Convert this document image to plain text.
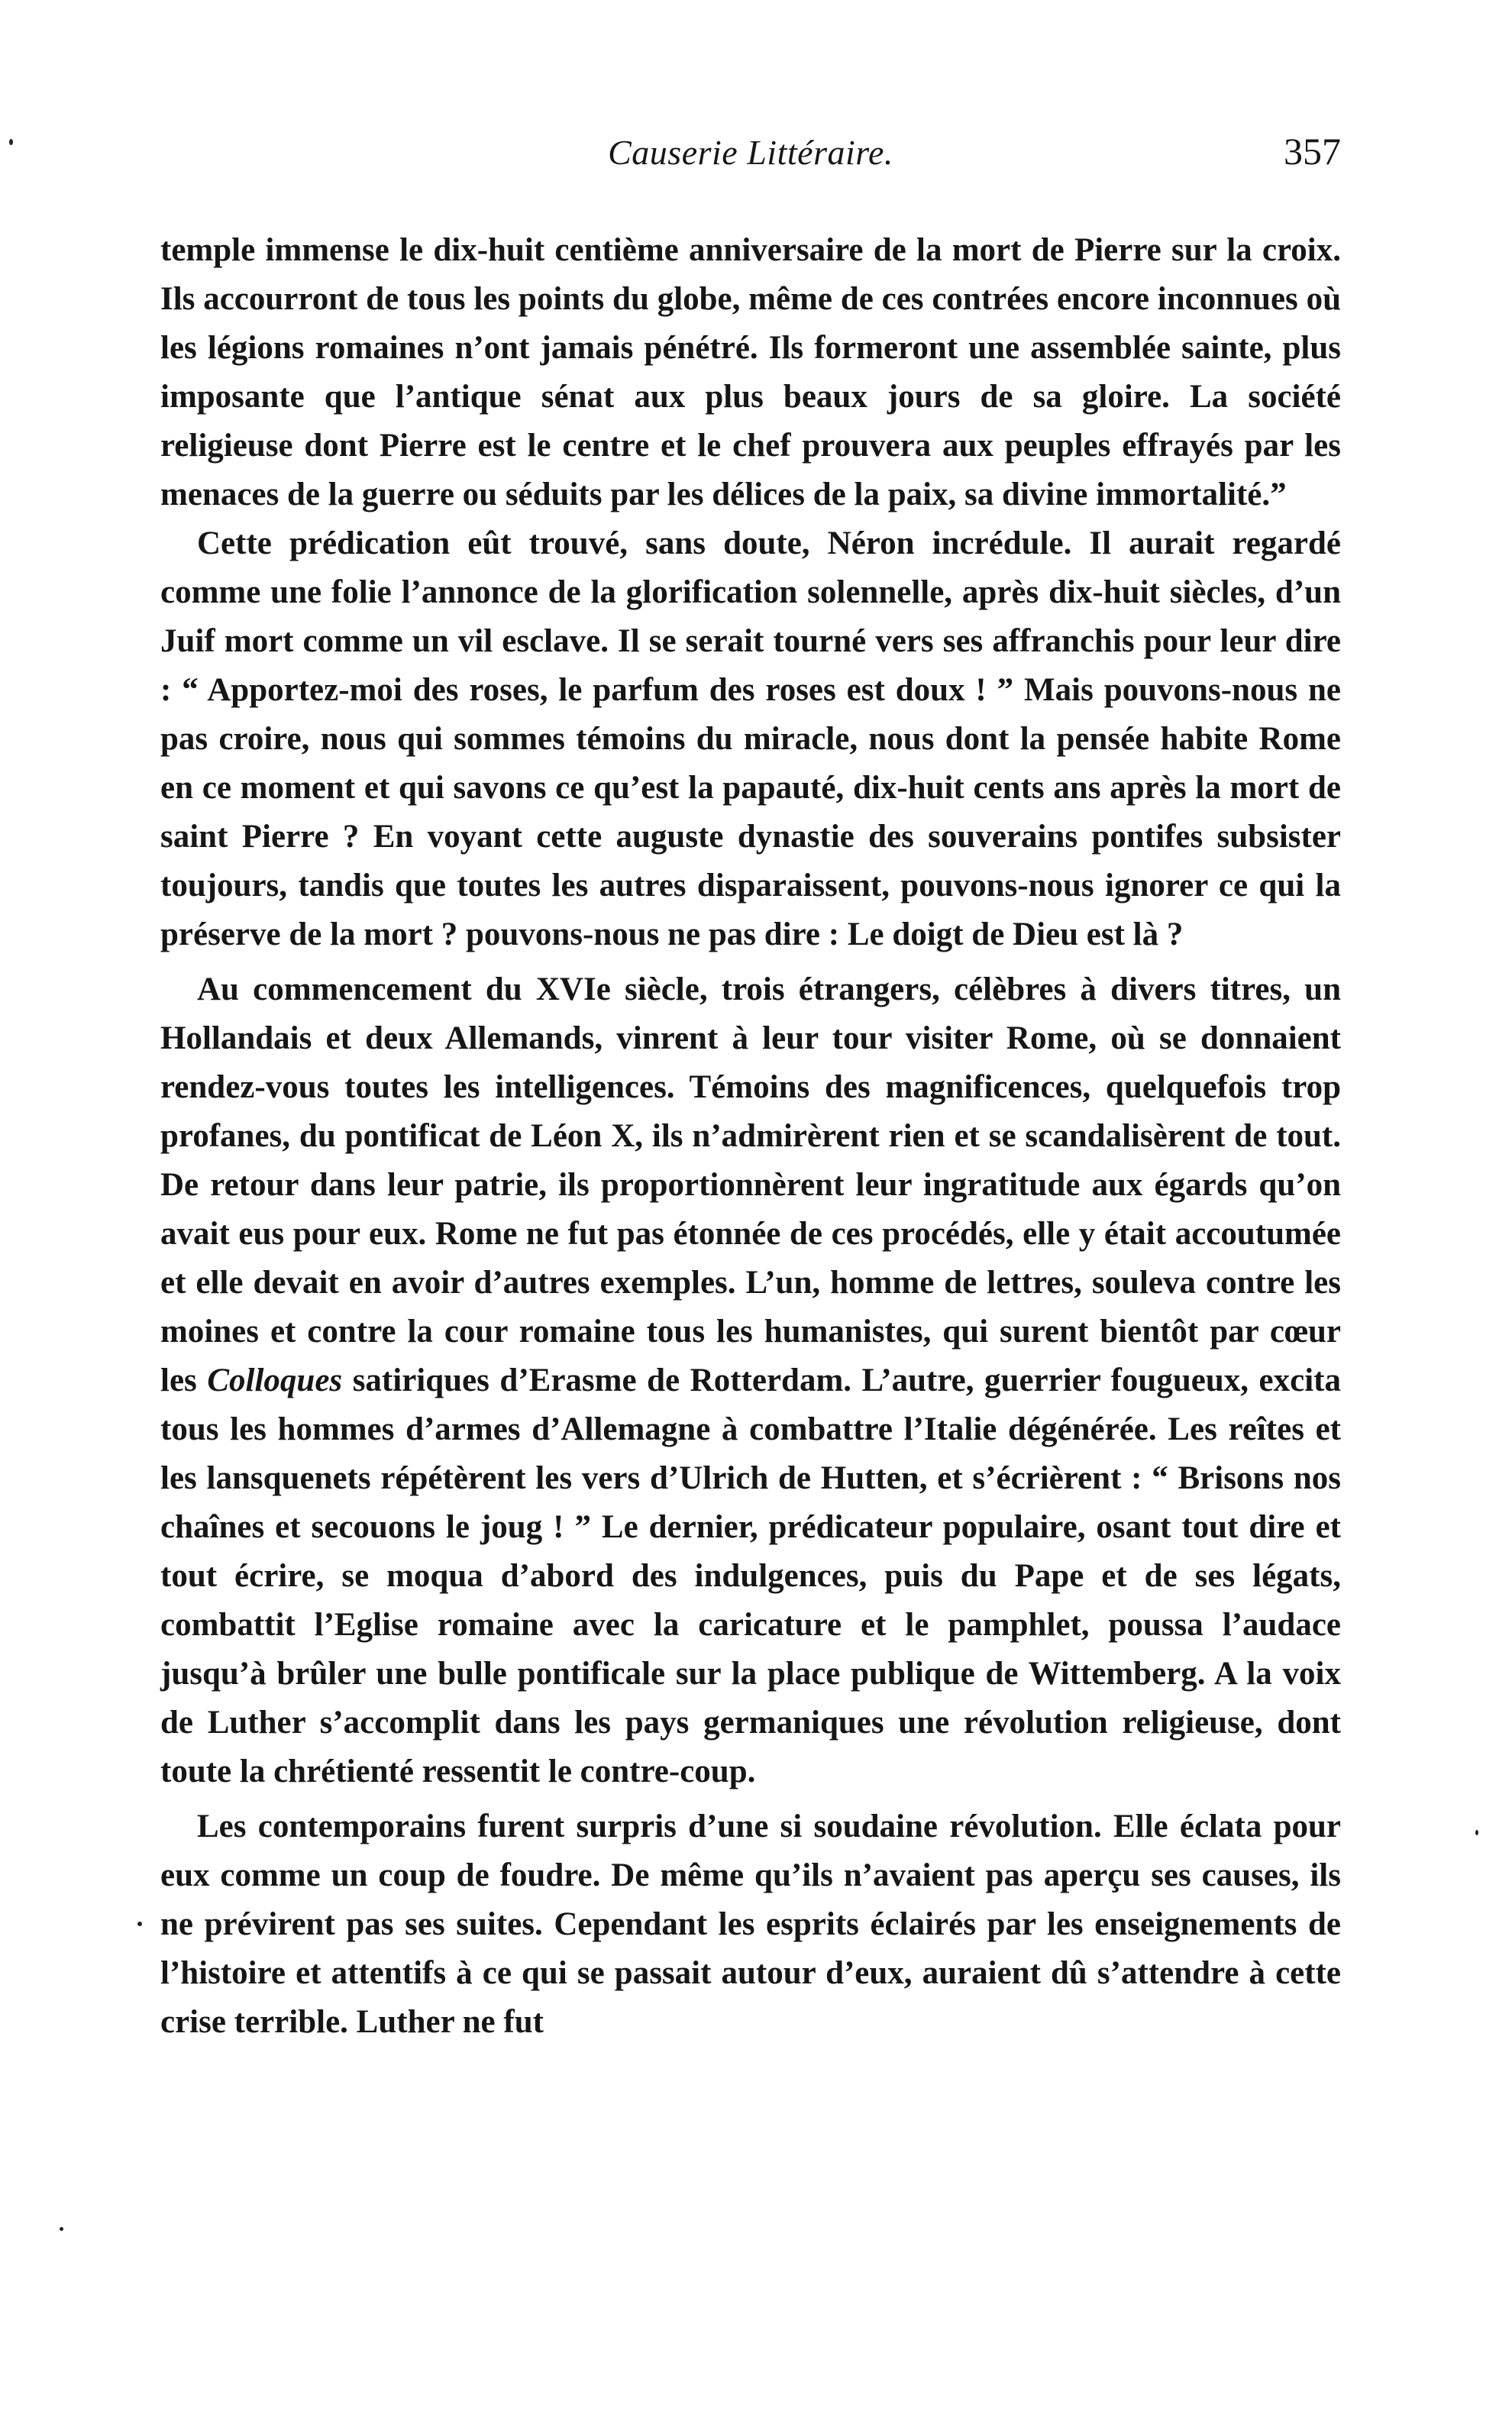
Causerie Littéraire.	357

temple immense le dix-huit centième anniversaire de la mort de Pierre sur la croix. Ils accourront de tous les points du globe, même de ces contrées encore inconnues où les légions romaines n’ont jamais pénétré. Ils formeront une assemblée sainte, plus imposante que l’antique sénat aux plus beaux jours de sa gloire. La société religieuse dont Pierre est le centre et le chef prouvera aux peuples effrayés par les menaces de la guerre ou séduits par les délices de la paix, sa divine immortalité.”

Cette prédication eût trouvé, sans doute, Néron incrédule. Il aurait regardé comme une folie l’annonce de la glorification solennelle, après dix-huit siècles, d’un Juif mort comme un vil esclave. Il se serait tourné vers ses affranchis pour leur dire : “ Apportez-moi des roses, le parfum des roses est doux ! ” Mais pouvons-nous ne pas croire, nous qui sommes témoins du miracle, nous dont la pensée habite Rome en ce moment et qui savons ce qu’est la papauté, dix-huit cents ans après la mort de saint Pierre ? En voyant cette auguste dynastie des souverains pontifes subsister toujours, tandis que toutes les autres disparaissent, pouvons-nous ignorer ce qui la préserve de la mort ? pouvons-nous ne pas dire : Le doigt de Dieu est là ?

Au commencement du XVIe siècle, trois étrangers, célèbres à divers titres, un Hollandais et deux Allemands, vinrent à leur tour visiter Rome, où se donnaient rendez-vous toutes les intelligences. Témoins des magnificences, quelquefois trop profanes, du pontificat de Léon X, ils n’admirèrent rien et se scandalisèrent de tout. De retour dans leur patrie, ils proportionnèrent leur ingratitude aux égards qu’on avait eus pour eux. Rome ne fut pas étonnée de ces procédés, elle y était accoutumée et elle devait en avoir d’autres exemples. L’un, homme de lettres, souleva contre les moines et contre la cour romaine tous les humanistes, qui surent bientôt par cœur les Colloques satiriques d’Erasme de Rotterdam. L’autre, guerrier fougueux, excita tous les hommes d’armes d’Allemagne à combattre l’Italie dégénérée. Les reîtes et les lansquenets répétèrent les vers d’Ulrich de Hutten, et s’écrièrent : “ Brisons nos chaînes et secouons le joug ! ” Le dernier, prédicateur populaire, osant tout dire et tout écrire, se moqua d’abord des indulgences, puis du Pape et de ses légats, combattit l’Eglise romaine avec la caricature et le pamphlet, poussa l’audace jusqu’à brûler une bulle pontificale sur la place publique de Wittemberg. A la voix de Luther s’accomplit dans les pays germaniques une révolution religieuse, dont toute la chrétienté ressentit le contre-coup.

Les contemporains furent surpris d’une si soudaine révolution. Elle éclata pour eux comme un coup de foudre. De même qu’ils n’avaient pas aperçu ses causes, ils ne prévirent pas ses suites. Cependant les esprits éclairés par les enseignements de l’histoire et attentifs à ce qui se passait autour d’eux, auraient dû s’attendre à cette crise terrible. Luther ne fut
